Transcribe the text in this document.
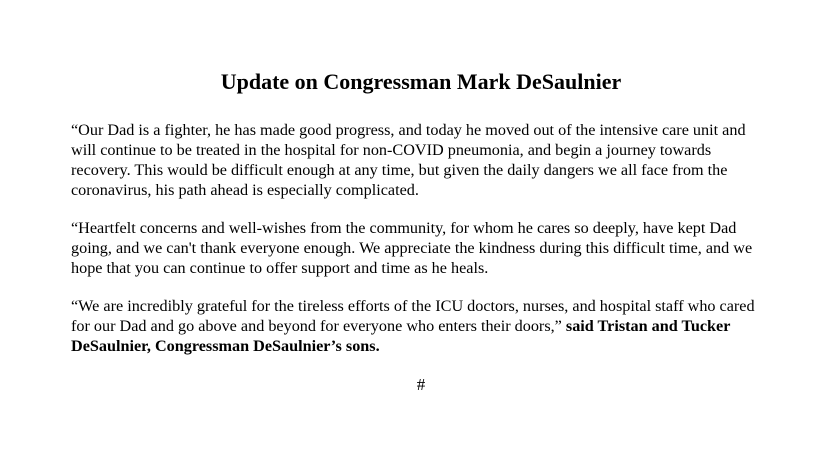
Update on Congressman Mark DeSaulnier

“Our Dad is a fighter, he has made good progress, and today he moved out of the intensive care unit and will continue to be treated in the hospital for non-COVID pneumonia, and begin a journey towards recovery. This would be difficult enough at any time, but given the daily dangers we all face from the coronavirus, his path ahead is especially complicated.

“Heartfelt concerns and well-wishes from the community, for whom he cares so deeply, have kept Dad going, and we can't thank everyone enough. We appreciate the kindness during this difficult time, and we hope that you can continue to offer support and time as he heals.

“We are incredibly grateful for the tireless efforts of the ICU doctors, nurses, and hospital staff who cared for our Dad and go above and beyond for everyone who enters their doors,” said Tristan and Tucker DeSaulnier, Congressman DeSaulnier’s sons.

#
